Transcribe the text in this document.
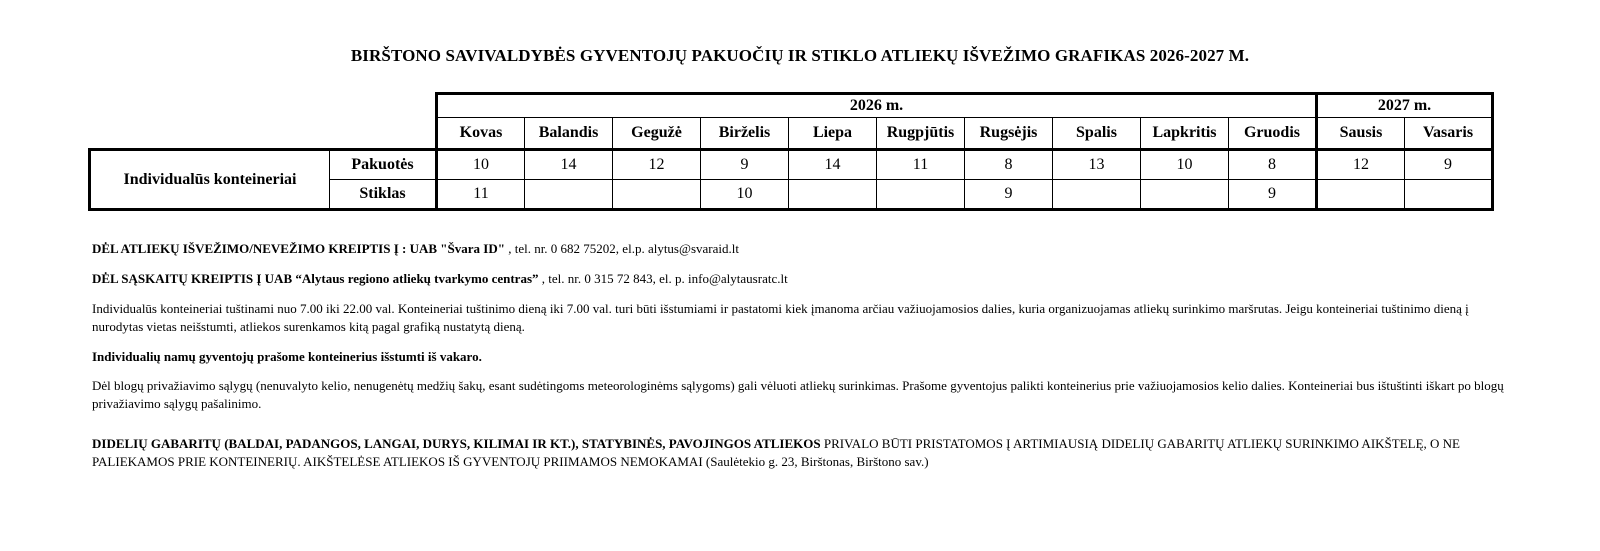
BIRŠTONO SAVIVALDYBĖS GYVENTOJŲ PAKUOČIŲ IR STIKLO ATLIEKŲ IŠVEŽIMO GRAFIKAS 2026-2027 M.
		2026 m.										2027 m.	
		Kovas	Balandis	Gegužė	Birželis	Liepa	Rugpjūtis	Rugsėjis	Spalis	Lapkritis	Gruodis	Sausis	Vasaris
Individualūs konteineriai	Pakuotės	10	14	12	9	14	11	8	13	10	8	12	9
	Stiklas	11			10			9			9		

DĖL ATLIEKŲ IŠVEŽIMO/NEVEŽIMO KREIPTIS Į : UAB "Švara ID" , tel. nr. 0 682 75202, el.p. alytus@svaraid.lt

DĖL SĄSKAITŲ KREIPTIS Į UAB “Alytaus regiono atliekų tvarkymo centras” , tel. nr. 0 315 72 843, el. p. info@alytausratc.lt

Individualūs konteineriai tuštinami nuo 7.00 iki 22.00 val. Konteineriai tuštinimo dieną iki 7.00 val. turi būti išstumiami ir pastatomi kiek įmanoma arčiau važiuojamosios dalies, kuria organizuojamas atliekų surinkimo maršrutas. Jeigu konteineriai tuštinimo dieną į nurodytas vietas neišstumti, atliekos surenkamos kitą pagal grafiką nustatytą dieną.

Individualių namų gyventojų prašome konteinerius išstumti iš vakaro.

Dėl blogų privažiavimo sąlygų (nenuvalyto kelio, nenugenėtų medžių šakų, esant sudėtingoms meteorologinėms sąlygoms) gali vėluoti atliekų surinkimas. Prašome gyventojus palikti konteinerius prie važiuojamosios kelio dalies. Konteineriai bus ištuštinti iškart po blogų privažiavimo sąlygų pašalinimo.

DIDELIŲ GABARITŲ (BALDAI, PADANGOS, LANGAI, DURYS, KILIMAI IR KT.), STATYBINĖS, PAVOJINGOS ATLIEKOS PRIVALO BŪTI PRISTATOMOS Į ARTIMIAUSIĄ DIDELIŲ GABARITŲ ATLIEKŲ SURINKIMO AIKŠTELĘ, O NE PALIEKAMOS PRIE KONTEINERIŲ. AIKŠTELĖSE ATLIEKOS IŠ GYVENTOJŲ PRIIMAMOS NEMOKAMAI (Saulėtekio g. 23, Birštonas, Birštono sav.)
